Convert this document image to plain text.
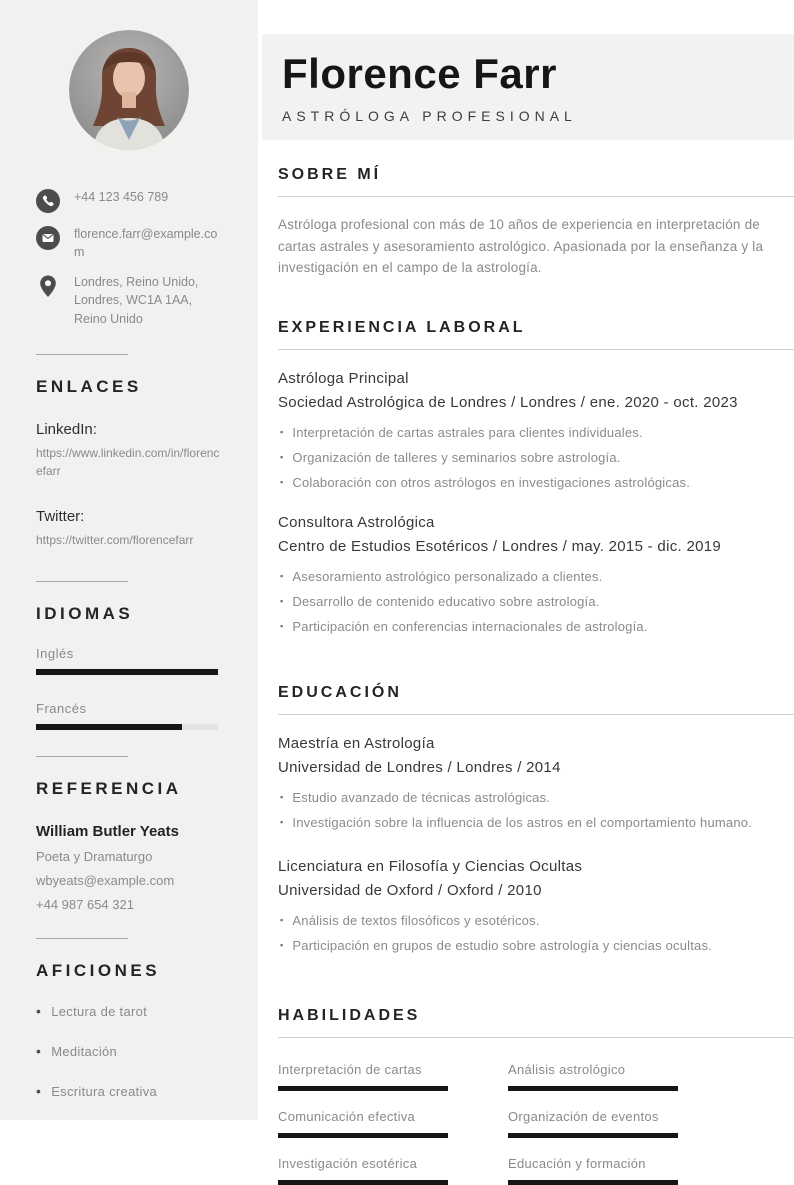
+44 123 456 789
florence.farr@example.com
Londres, Reino Unido, Londres, WC1A 1AA, Reino Unido
ENLACES
LinkedIn:
https://www.linkedin.com/in/florencefarr
Twitter:
https://twitter.com/florencefarr
IDIOMAS
Inglés
Francés
REFERENCIA
William Butler Yeats
Poeta y Dramaturgo
wbyeats@example.com
+44 987 654 321
AFICIONES
• Lectura de tarot
• Meditación
• Escritura creativa
Florence Farr
ASTRÓLOGA PROFESIONAL
SOBRE MÍ

Astróloga profesional con más de 10 años de experiencia en interpretación de cartas astrales y asesoramiento astrológico. Apasionada por la enseñanza y la investigación en el campo de la astrología.

EXPERIENCIA LABORAL
Astróloga Principal
Sociedad Astrológica de Londres / Londres / ene. 2020 - oct. 2023
▪ Interpretación de cartas astrales para clientes individuales.
▪ Organización de talleres y seminarios sobre astrología.
▪ Colaboración con otros astrólogos en investigaciones astrológicas.
Consultora Astrológica
Centro de Estudios Esotéricos / Londres / may. 2015 - dic. 2019
▪ Asesoramiento astrológico personalizado a clientes.
▪ Desarrollo de contenido educativo sobre astrología.
▪ Participación en conferencias internacionales de astrología.
EDUCACIÓN
Maestría en Astrología
Universidad de Londres / Londres / 2014
▪ Estudio avanzado de técnicas astrológicas.
▪ Investigación sobre la influencia de los astros en el comportamiento humano.
Licenciatura en Filosofía y Ciencias Ocultas
Universidad de Oxford / Oxford / 2010
▪ Análisis de textos filosóficos y esotéricos.
▪ Participación en grupos de estudio sobre astrología y ciencias ocultas.
HABILIDADES
Interpretación de cartas	Análisis astrológico
Comunicación efectiva	Organización de eventos
Investigación esotérica	Educación y formación
